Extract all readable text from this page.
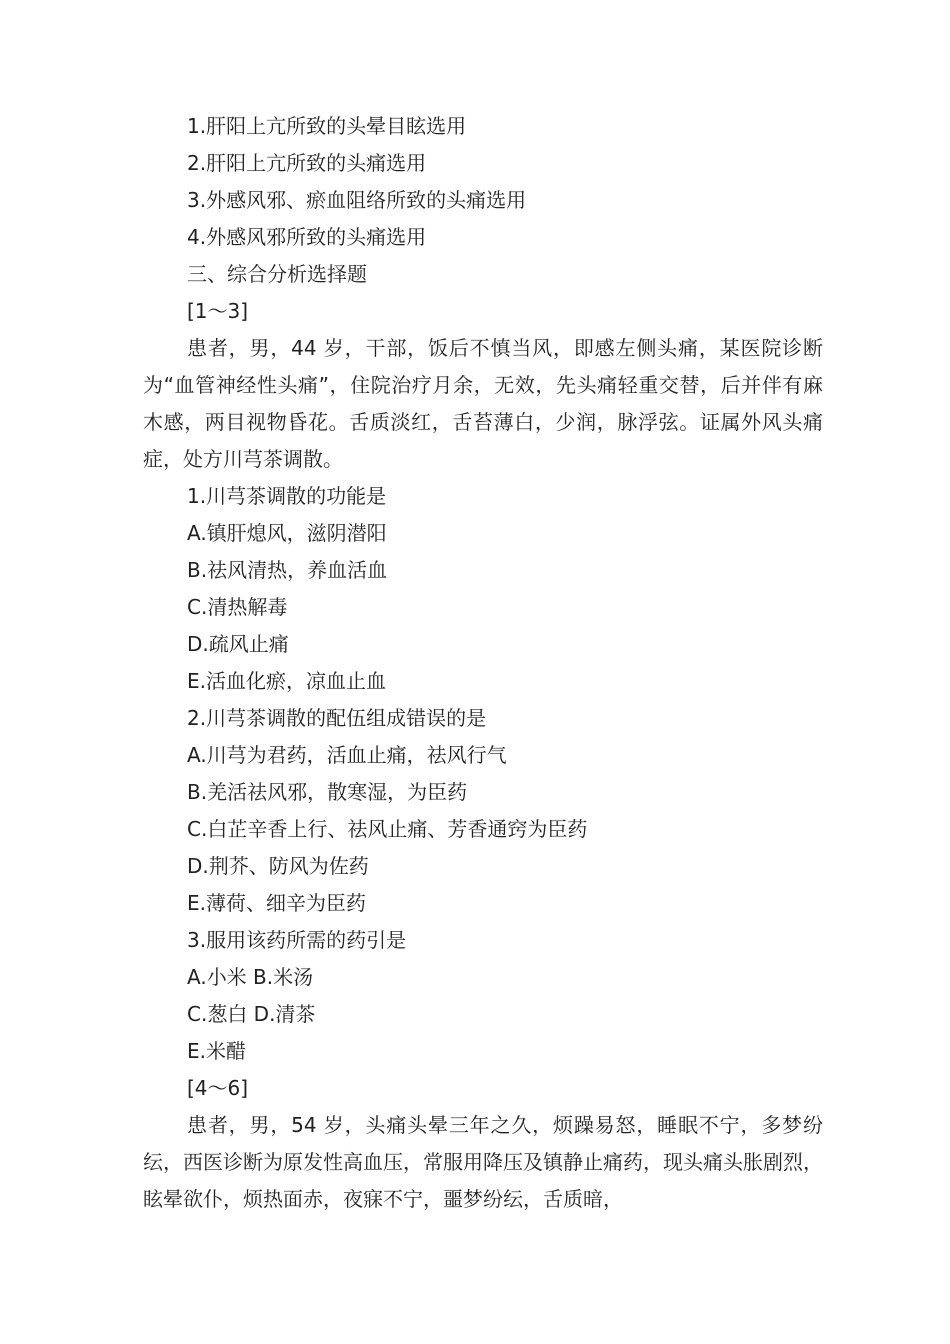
1.肝阳上亢所致的头晕目眩选用
2.肝阳上亢所致的头痛选用
3.外感风邪、瘀血阻络所致的头痛选用
4.外感风邪所致的头痛选用
三、综合分析选择题
[1～3]
患者，男，44 岁，干部，饭后不慎当风，即感左侧头痛，某医院诊断为“血管神经性头痛”，住院治疗月余，无效，先头痛轻重交替，后并伴有麻木感，两目视物昏花。舌质淡红，舌苔薄白，少润，脉浮弦。证属外风头痛症，处方川芎茶调散。
1.川芎茶调散的功能是
A.镇肝熄风，滋阴潜阳
B.祛风清热，养血活血
C.清热解毒
D.疏风止痛
E.活血化瘀，凉血止血
2.川芎茶调散的配伍组成错误的是
A.川芎为君药，活血止痛，祛风行气
B.羌活祛风邪，散寒湿，为臣药
C.白芷辛香上行、祛风止痛、芳香通窍为臣药
D.荆芥、防风为佐药
E.薄荷、细辛为臣药
3.服用该药所需的药引是
A.小米 B.米汤
C.葱白 D.清茶
E.米醋
[4～6]
患者，男，54 岁，头痛头晕三年之久，烦躁易怒，睡眠不宁，多梦纷纭，西医诊断为原发性高血压，常服用降压及镇静止痛药，现头痛头胀剧烈，眩晕欲仆，烦热面赤，夜寐不宁，噩梦纷纭，舌质暗，
